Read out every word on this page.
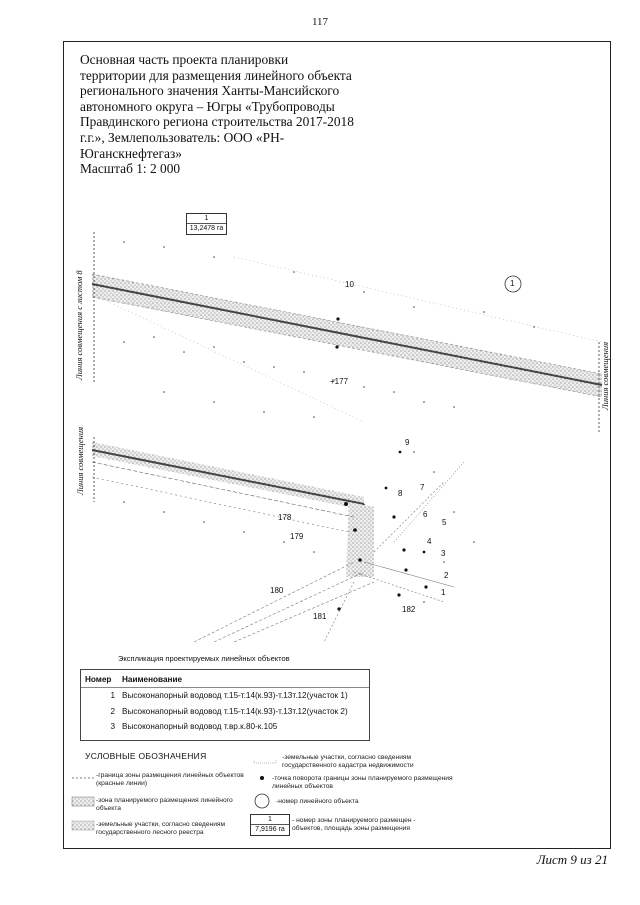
117
Основная часть проекта планировки
территории для размещения линейного объекта
регионального значения Ханты-Мансийского
автономного округа – Югры «Трубопроводы
Правдинского региона строительства 2017-2018
г.г.», Землепользователь: ООО «РН-
Юганскнефтегаз»
Масштаб 1: 2 000
1
1
13,2478 га
Линия совмещения с листом 8
Линия совмещения
Линия совмещения
10
+177
9
8
7
6
5
4
3
2
1
178
179
180
181
182
Экспликация проектируемых линейных объектов
Номер Наименование
1 Высоконапорный водовод т.15-т.14(к.93)-т.13т.12(участок 1)
2 Высоконапорный водовод т.15-т.14(к.93)-т.13т.12(участок 2)
3 Высоконапорный водовод т.вр.к.80-к.105
УСЛОВНЫЕ ОБОЗНАЧЕНИЯ
-граница зоны размещения линейных объектов (красные линии)
-зона планируемого размещения линейного объекта
-земельные участки, согласно сведениям государственного лесного реестра
-земельные участки, согласно сведениям государственного кадастра недвижимости
-точка поворота границы зоны планируемого размещения линейных объектов
-номер линейного объекта
1
7,9196 га
- номер зоны планируемого размещен - объектов, площадь зоны размещения
Лист 9 из 21
